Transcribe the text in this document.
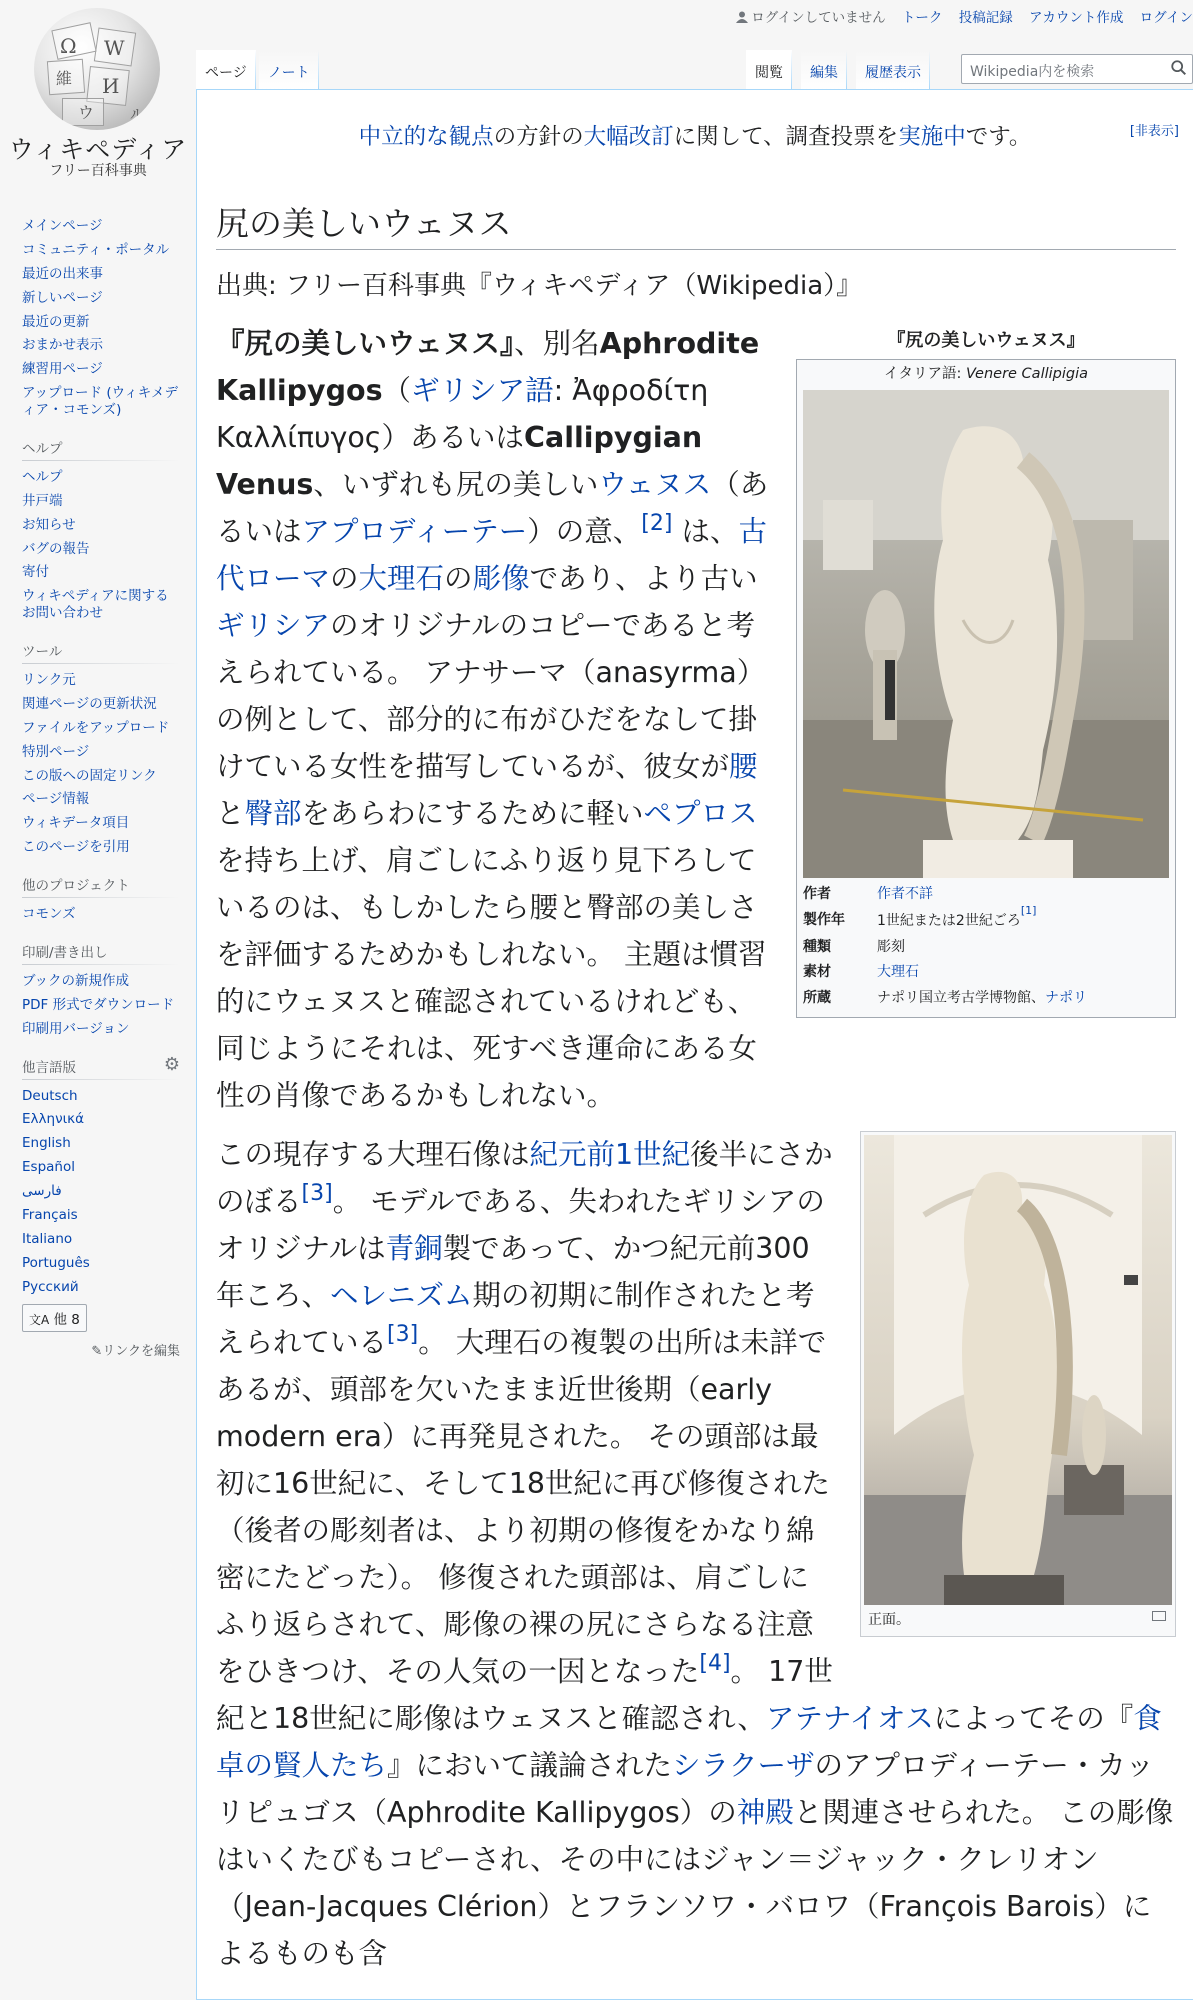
Ω W
И
維
ウ	ル
ウィキペディア
フリー百科事典
ログインしていません トーク 投稿記録 アカウント作成 ログイン
ページ	ノート	閲覧	編集	履歴表示	Wikipedia内を検索
メインページ
コミュニティ・ポータル
最近の出来事
新しいページ
最近の更新
おまかせ表示
練習用ページ
アップロード (ウィキメディア・コモンズ)
ヘルプ
ヘルプ
井戸端
お知らせ
バグの報告
寄付
ウィキペディアに関するお問い合わせ
ツール
リンク元
関連ページの更新状況
ファイルをアップロード
特別ページ
この版への固定リンク
ページ情報
ウィキデータ項目
このページを引用
他のプロジェクト
コモンズ
印刷/書き出し
ブックの新規作成
PDF 形式でダウンロード
印刷用バージョン
他言語版	⚙
Deutsch
Ελληνικά
English
Español
فارسی
Français
Italiano
Português
Русский
文A 他 8
✎リンクを編集
中立的な観点の方針の大幅改訂に関して、調査投票を実施中です。	[非表示]
尻の美しいウェヌス
出典: フリー百科事典『ウィキペディア（Wikipedia）』
『尻の美しいウェヌス』
イタリア語: Venere Callipigia
作者	作者不詳
製作年	1世紀または2世紀ごろ[1]
種類	彫刻
素材	大理石
所蔵	ナポリ国立考古学博物館、ナポリ

『尻の美しいウェヌス』、別名Aphrodite Kallipygos（ギリシア語: Ἀφροδίτη Καλλίπυγος）あるいはCallipygian Venus、いずれも尻の美しいウェヌス（あるいはアプロディーテー）の意、[2] は、古代ローマの大理石の彫像であり、より古いギリシアのオリジナルのコピーであると考えられている。 アナサーマ（anasyrma）の例として、部分的に布がひだをなして掛けている女性を描写しているが、彼女が腰と臀部をあらわにするために軽いペプロスを持ち上げ、肩ごしにふり返り見下ろしているのは、もしかしたら腰と臀部の美しさを評価するためかもしれない。 主題は慣習的にウェヌスと確認されているけれども、同じようにそれは、死すべき運命にある女性の肖像であるかもしれない。

正面。

この現存する大理石像は紀元前1世紀後半にさかのぼる[3]。 モデルである、失われたギリシアのオリジナルは青銅製であって、かつ紀元前300年ころ、ヘレニズム期の初期に制作されたと考えられている[3]。 大理石の複製の出所は未詳であるが、頭部を欠いたまま近世後期（early modern era）に再発見された。 その頭部は最初に16世紀に、そして18世紀に再び修復された（後者の彫刻者は、より初期の修復をかなり綿密にたどった）。 修復された頭部は、肩ごしにふり返らされて、彫像の裸の尻にさらなる注意をひきつけ、その人気の一因となった[4]。 17世紀と18世紀に彫像はウェヌスと確認され、アテナイオスによってその『食卓の賢人たち』において議論されたシラクーザのアプロディーテー・カッリピュゴス（Aphrodite Kallipygos）の神殿と関連させられた。 この彫像はいくたびもコピーされ、その中にはジャン＝ジャック・クレリオン（Jean-Jacques Clérion）とフランソワ・バロワ（François Barois）によるものも含
